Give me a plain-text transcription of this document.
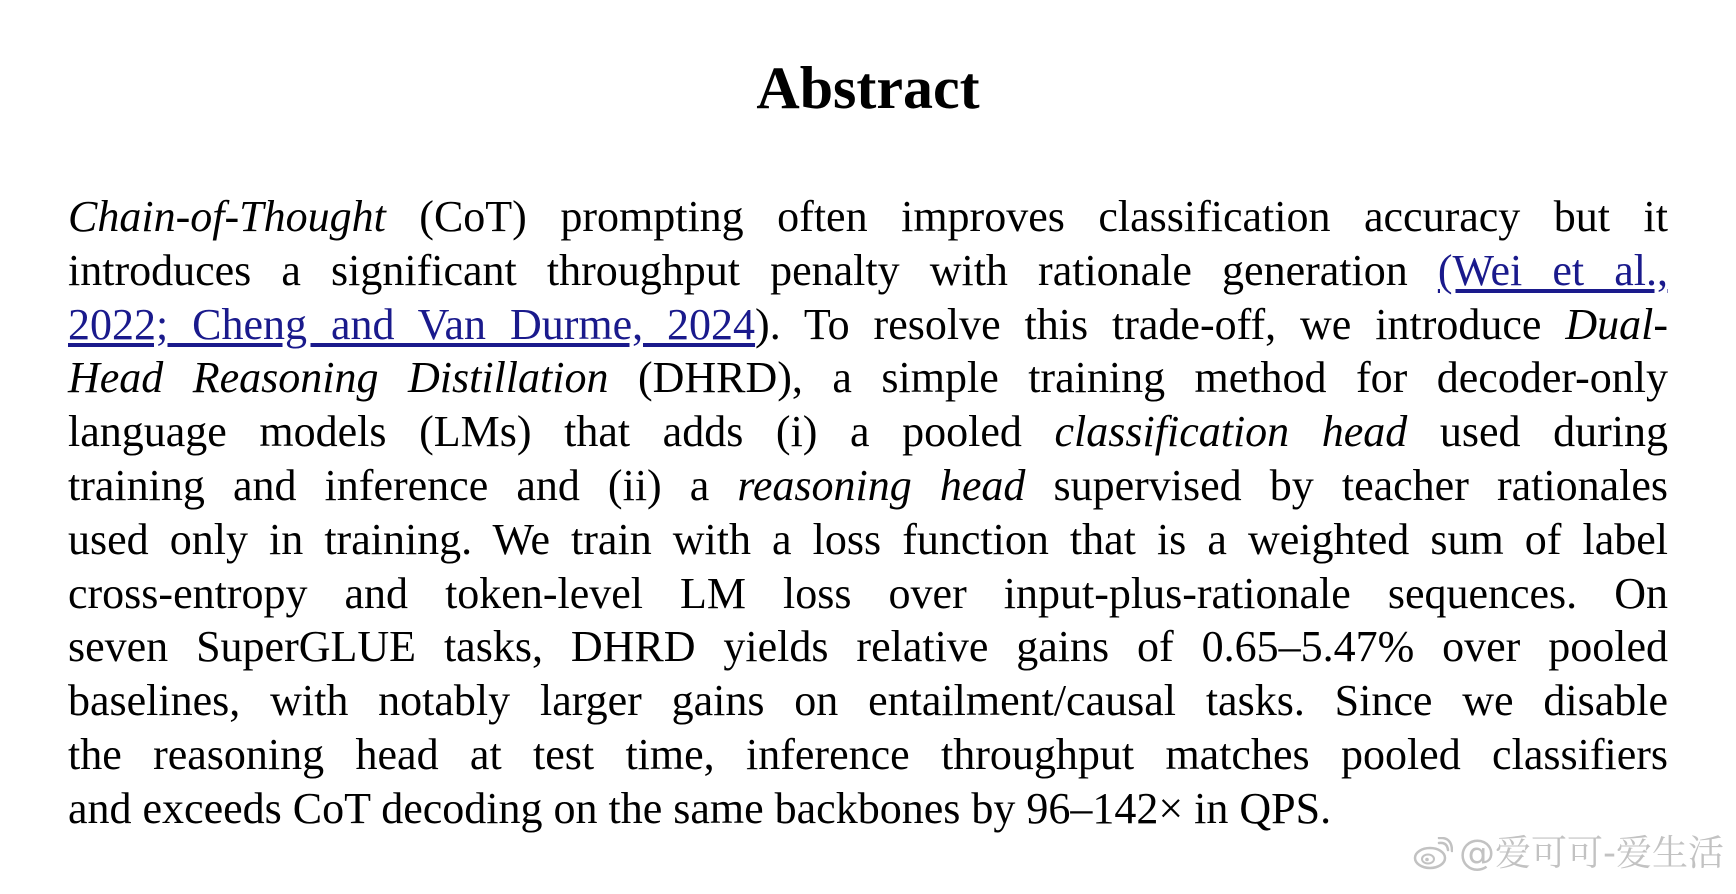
Abstract
Chain-of-Thought (CoT) prompting often improves classification accuracy but it
introduces a significant throughput penalty with rationale generation (Wei et al.,
2022; Cheng and Van Durme, 2024). To resolve this trade-off, we introduce Dual-
Head Reasoning Distillation (DHRD), a simple training method for decoder-only
language models (LMs) that adds (i) a pooled classification head used during
training and inference and (ii) a reasoning head supervised by teacher rationales
used only in training. We train with a loss function that is a weighted sum of label
cross-entropy and token-level LM loss over input-plus-rationale sequences. On
seven SuperGLUE tasks, DHRD yields relative gains of 0.65–5.47% over pooled
baselines, with notably larger gains on entailment/causal tasks. Since we disable
the reasoning head at test time, inference throughput matches pooled classifiers
and exceeds CoT decoding on the same backbones by 96–142× in QPS.
@爱可可-爱生活
